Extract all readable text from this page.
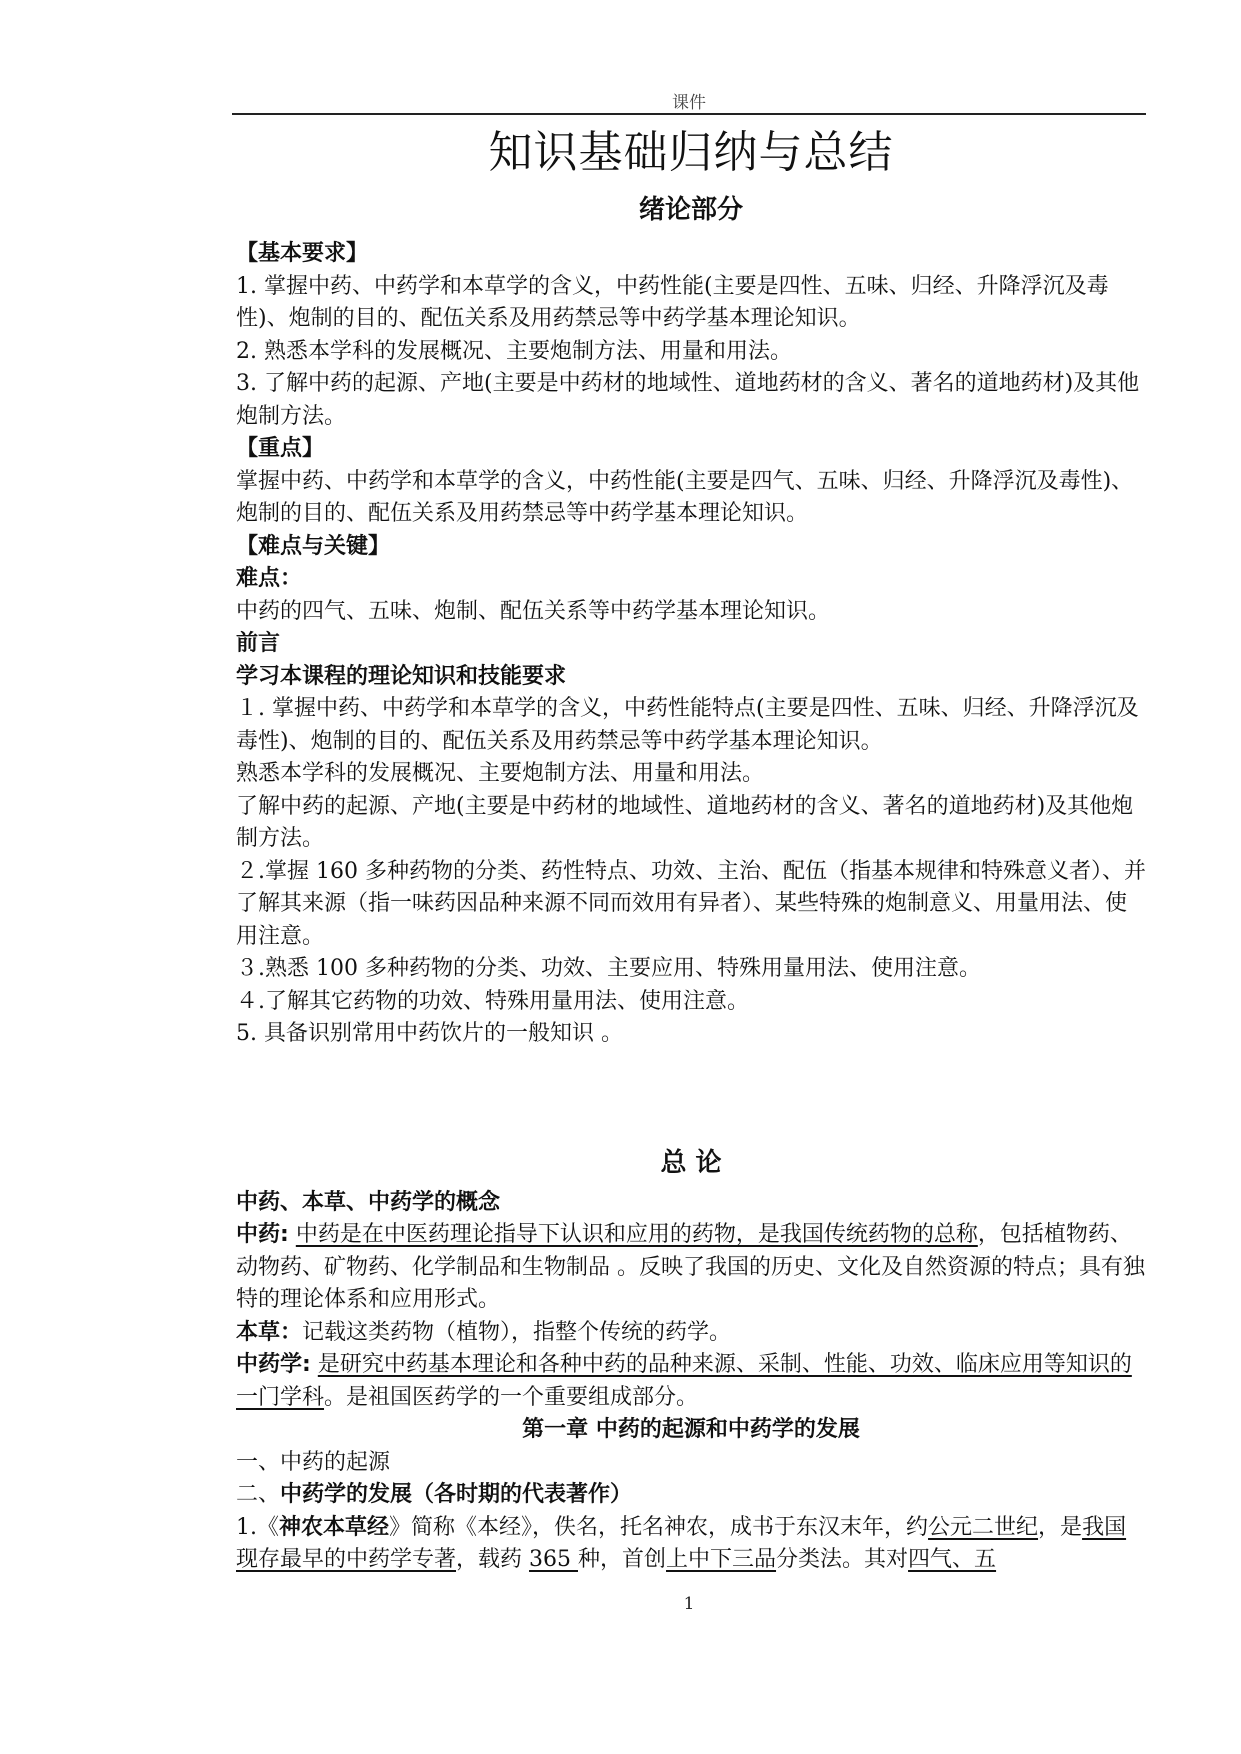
课件
知识基础归纳与总结
绪论部分

【基本要求】

1. 掌握中药、中药学和本草学的含义，中药性能(主要是四性、五味、归经、升降浮沉及毒性)、炮制的目的、配伍关系及用药禁忌等中药学基本理论知识。

2. 熟悉本学科的发展概况、主要炮制方法、用量和用法。

3. 了解中药的起源、产地(主要是中药材的地域性、道地药材的含义、著名的道地药材)及其他炮制方法。

【重点】

掌握中药、中药学和本草学的含义，中药性能(主要是四气、五味、归经、升降浮沉及毒性)、炮制的目的、配伍关系及用药禁忌等中药学基本理论知识。

【难点与关键】

难点：

中药的四气、五味、炮制、配伍关系等中药学基本理论知识。

前言

学习本课程的理论知识和技能要求

１. 掌握中药、中药学和本草学的含义，中药性能特点(主要是四性、五味、归经、升降浮沉及毒性)、炮制的目的、配伍关系及用药禁忌等中药学基本理论知识。

熟悉本学科的发展概况、主要炮制方法、用量和用法。

了解中药的起源、产地(主要是中药材的地域性、道地药材的含义、著名的道地药材)及其他炮制方法。

２.掌握 160 多种药物的分类、药性特点、功效、主治、配伍（指基本规律和特殊意义者）、并了解其来源（指一味药因品种来源不同而效用有异者）、某些特殊的炮制意义、用量用法、使用注意。

３.熟悉 100 多种药物的分类、功效、主要应用、特殊用量用法、使用注意。

４.了解其它药物的功效、特殊用量用法、使用注意。

5. 具备识别常用中药饮片的一般知识 。

总 论

中药、本草、中药学的概念

中药: 中药是在中医药理论指导下认识和应用的药物，是我国传统药物的总称，包括植物药、动物药、矿物药、化学制品和生物制品 。反映了我国的历史、文化及自然资源的特点；具有独特的理论体系和应用形式。

本草：记载这类药物（植物），指整个传统的药学。

中药学: 是研究中药基本理论和各种中药的品种来源、采制、性能、功效、临床应用等知识的一门学科。是祖国医药学的一个重要组成部分。

第一章 中药的起源和中药学的发展

一、中药的起源

二、中药学的发展（各时期的代表著作）

1.《神农本草经》简称《本经》，佚名，托名神农，成书于东汉末年，约公元二世纪，是我国现存最早的中药学专著，载药 365 种，首创上中下三品分类法。其对四气、五

1
